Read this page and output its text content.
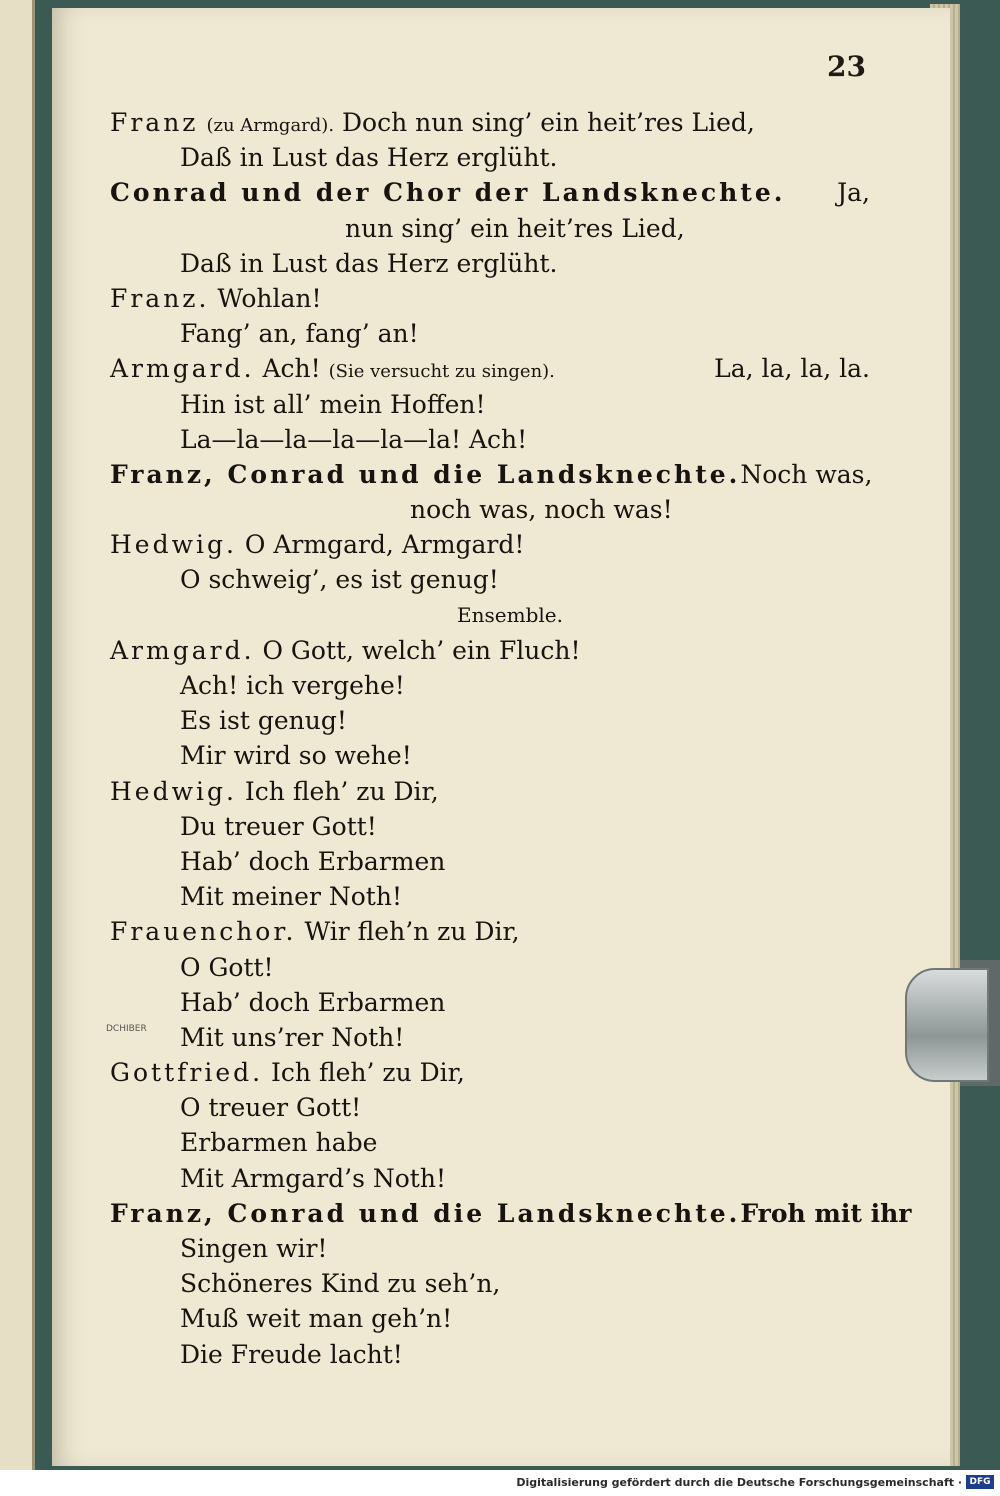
23
DCHIBER
Franz (zu Armgard). Doch nun sing’ ein heit’res Lied,
Daß in Lust das Herz erglüht.
Conrad und der Chor der Landsknechte. Ja,
nun sing’ ein heit’res Lied,
Daß in Lust das Herz erglüht.
Franz. Wohlan!
Fang’ an, fang’ an!
Armgard. Ach! (Sie versucht zu singen).	La, la, la, la.
Hin ist all’ mein Hoffen!
La—la—la—la—la—la! Ach!
Franz, Conrad und die Landsknechte. Noch was,
noch was, noch was!
Hedwig. O Armgard, Armgard!
O schweig’, es ist genug!
Ensemble.
Armgard. O Gott, welch’ ein Fluch!
Ach! ich vergehe!
Es ist genug!
Mir wird so wehe!
Hedwig. Ich fleh’ zu Dir,
Du treuer Gott!
Hab’ doch Erbarmen
Mit meiner Noth!
Frauenchor. Wir fleh’n zu Dir,
O Gott!
Hab’ doch Erbarmen
Mit uns’rer Noth!
Gottfried. Ich fleh’ zu Dir,
O treuer Gott!
Erbarmen habe
Mit Armgard’s Noth!
Franz, Conrad und die Landsknechte. Froh mit ihr
Singen wir!
Schöneres Kind zu seh’n,
Muß weit man geh’n!
Die Freude lacht!
Digitalisierung gefördert durch die Deutsche Forschungsgemeinschaft · DFG
